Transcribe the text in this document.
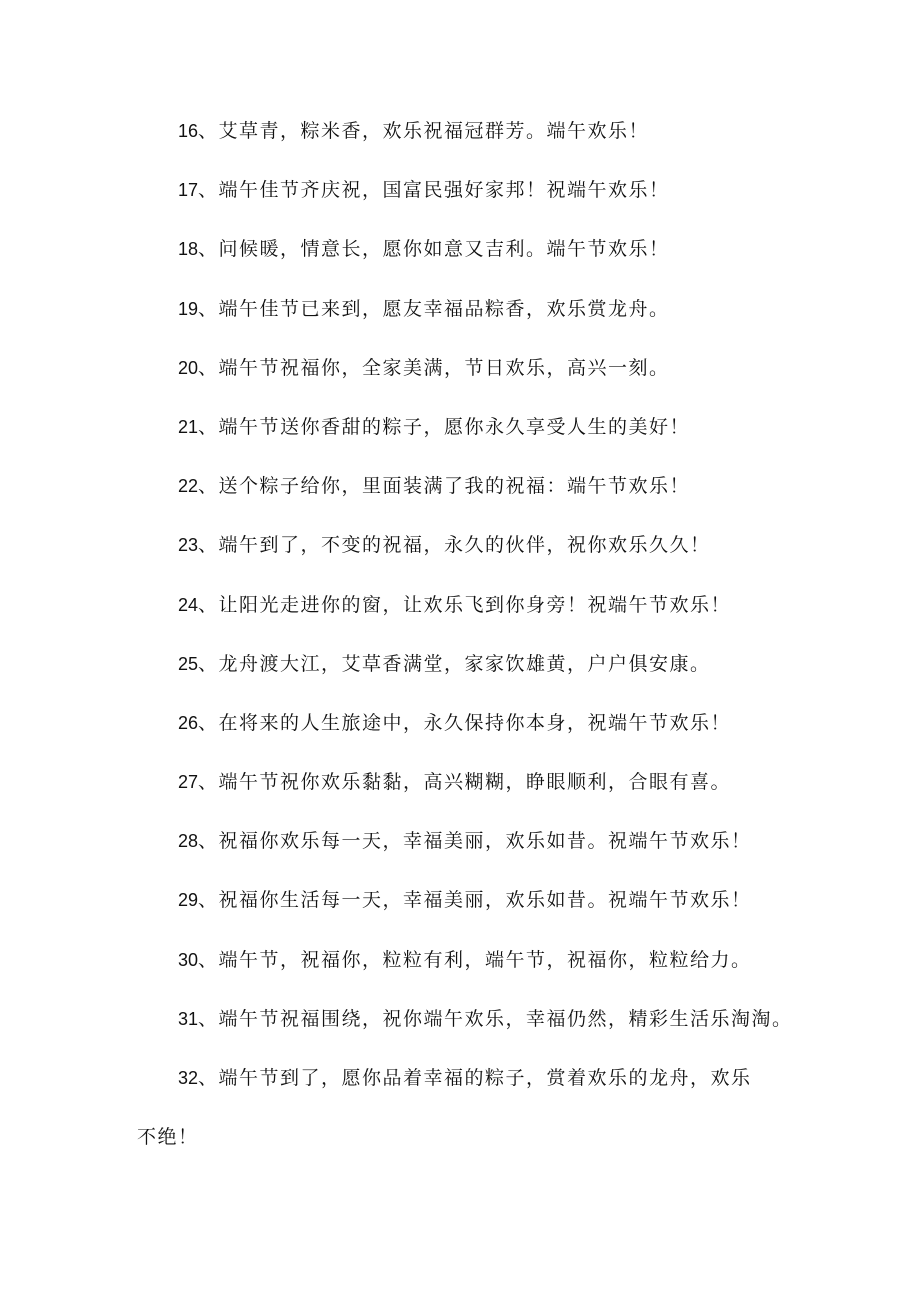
16、艾草青，粽米香，欢乐祝福冠群芳。端午欢乐！
17、端午佳节齐庆祝，国富民强好家邦！祝端午欢乐！
18、问候暖，情意长，愿你如意又吉利。端午节欢乐！
19、端午佳节已来到，愿友幸福品粽香，欢乐赏龙舟。
20、端午节祝福你，全家美满，节日欢乐，高兴一刻。
21、端午节送你香甜的粽子，愿你永久享受人生的美好！
22、送个粽子给你，里面装满了我的祝福：端午节欢乐！
23、端午到了，不变的祝福，永久的伙伴，祝你欢乐久久！
24、让阳光走进你的窗，让欢乐飞到你身旁！祝端午节欢乐！
25、龙舟渡大江，艾草香满堂，家家饮雄黄，户户俱安康。
26、在将来的人生旅途中，永久保持你本身，祝端午节欢乐！
27、端午节祝你欢乐黏黏，高兴糊糊，睁眼顺利，合眼有喜。
28、祝福你欢乐每一天，幸福美丽，欢乐如昔。祝端午节欢乐！
29、祝福你生活每一天，幸福美丽，欢乐如昔。祝端午节欢乐！
30、端午节，祝福你，粒粒有利，端午节，祝福你，粒粒给力。
31、端午节祝福围绕，祝你端午欢乐，幸福仍然，精彩生活乐淘淘。
32、端午节到了，愿你品着幸福的粽子，赏着欢乐的龙舟，欢乐
不绝！
